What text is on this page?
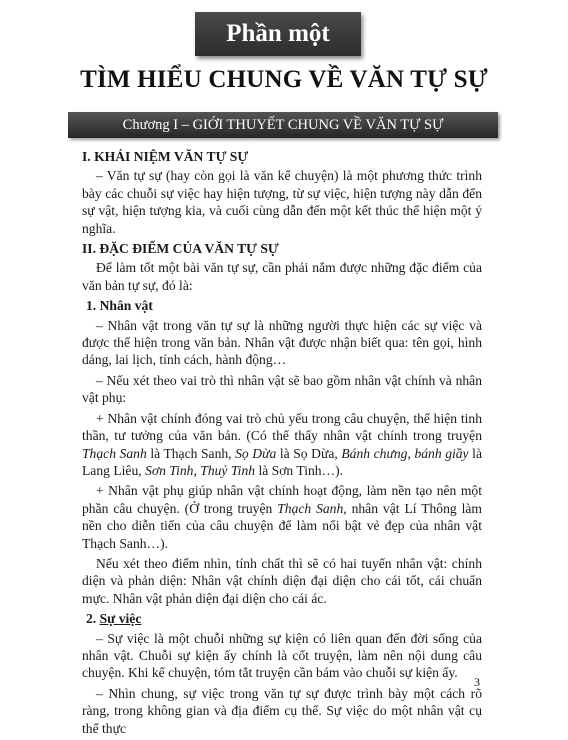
Phần một
TÌM HIỂU CHUNG VỀ VĂN TỰ SỰ
Chương I – GIỚI THUYẾT CHUNG VỀ VĂN TỰ SỰ
I. KHÁI NIỆM VĂN TỰ SỰ

– Văn tự sự (hay còn gọi là văn kể chuyện) là một phương thức trình bày các chuỗi sự việc hay hiện tượng, từ sự việc, hiện tượng này dẫn đến sự vật, hiện tượng kia, và cuối cùng dẫn đến một kết thúc thể hiện một ý nghĩa.

II. ĐẶC ĐIỂM CỦA VĂN TỰ SỰ

Để làm tốt một bài văn tự sự, cần phải nắm được những đặc điểm của văn bản tự sự, đó là:

1. Nhân vật

– Nhân vật trong văn tự sự là những người thực hiện các sự việc và được thể hiện trong văn bản. Nhân vật được nhận biết qua: tên gọi, hình dáng, lai lịch, tính cách, hành động…

– Nếu xét theo vai trò thì nhân vật sẽ bao gồm nhân vật chính và nhân vật phụ:

+ Nhân vật chính đóng vai trò chủ yếu trong câu chuyện, thể hiện tinh thần, tư tưởng của văn bản. (Có thể thấy nhân vật chính trong truyện Thạch Sanh là Thạch Sanh, Sọ Dừa là Sọ Dừa, Bánh chưng, bánh giầy là Lang Liêu, Sơn Tinh, Thuỷ Tinh là Sơn Tinh…).

+ Nhân vật phụ giúp nhân vật chính hoạt động, làm nền tạo nên một phần câu chuyện. (Ở trong truyện Thạch Sanh, nhân vật Lí Thông làm nền cho diễn tiến của câu chuyện để làm nổi bật vẻ đẹp của nhân vật Thạch Sanh…).

Nếu xét theo điểm nhìn, tính chất thì sẽ có hai tuyến nhân vật: chính diện và phản diện: Nhân vật chính diện đại diện cho cái tốt, cái chuẩn mực. Nhân vật phản diện đại diện cho cái ác.

2. Sự việc

– Sự việc là một chuỗi những sự kiện có liên quan đến đời sống của nhân vật. Chuỗi sự kiện ấy chính là cốt truyện, làm nên nội dung câu chuyện. Khi kể chuyện, tóm tắt truyện cần bám vào chuỗi sự kiện ấy.

– Nhìn chung, sự việc trong văn tự sự được trình bày một cách rõ ràng, trong không gian và địa điểm cụ thể. Sự việc do một nhân vật cụ thể thực

3
